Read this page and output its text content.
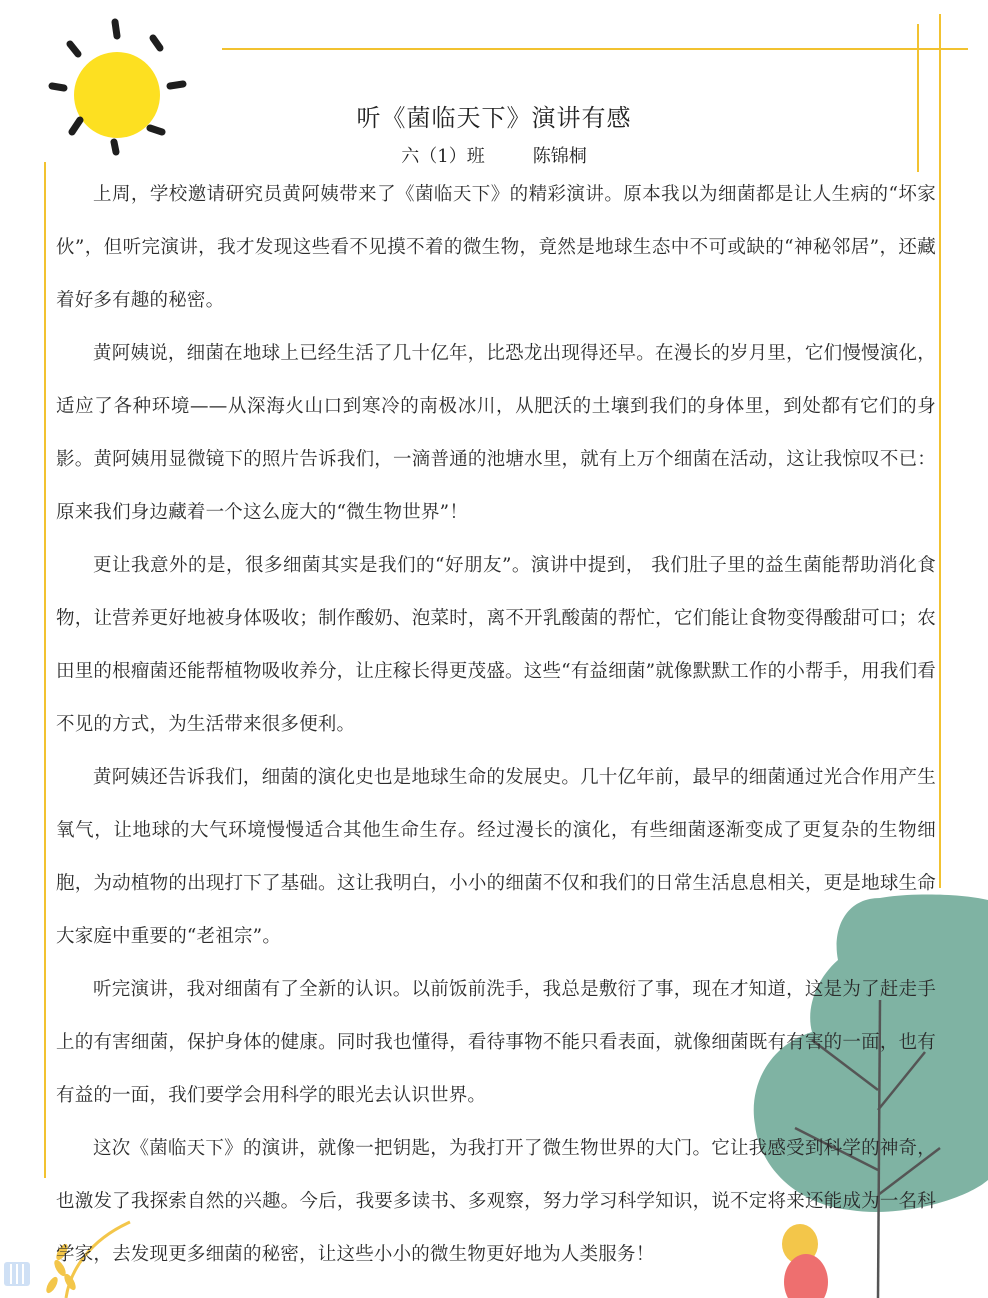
听《菌临天下》演讲有感
六（1）班	陈锦桐

上周，学校邀请研究员黄阿姨带来了《菌临天下》的精彩演讲。原本我以为细菌都是让人生病的“坏家伙”，但听完演讲，我才发现这些看不见摸不着的微生物，竟然是地球生态中不可或缺的“神秘邻居”，还藏着好多有趣的秘密。

黄阿姨说，细菌在地球上已经生活了几十亿年，比恐龙出现得还早。在漫长的岁月里，它们慢慢演化，适应了各种环境——从深海火山口到寒冷的南极冰川，从肥沃的土壤到我们的身体里，到处都有它们的身影。黄阿姨用显微镜下的照片告诉我们，一滴普通的池塘水里，就有上万个细菌在活动，这让我惊叹不已：原来我们身边藏着一个这么庞大的“微生物世界”！

更让我意外的是，很多细菌其实是我们的“好朋友”。演讲中提到， 我们肚子里的益生菌能帮助消化食物，让营养更好地被身体吸收；制作酸奶、泡菜时，离不开乳酸菌的帮忙，它们能让食物变得酸甜可口；农田里的根瘤菌还能帮植物吸收养分，让庄稼长得更茂盛。这些“有益细菌”就像默默工作的小帮手，用我们看不见的方式，为生活带来很多便利。

黄阿姨还告诉我们，细菌的演化史也是地球生命的发展史。几十亿年前，最早的细菌通过光合作用产生氧气，让地球的大气环境慢慢适合其他生命生存。经过漫长的演化，有些细菌逐渐变成了更复杂的生物细胞，为动植物的出现打下了基础。这让我明白，小小的细菌不仅和我们的日常生活息息相关，更是地球生命大家庭中重要的“老祖宗”。

听完演讲，我对细菌有了全新的认识。以前饭前洗手，我总是敷衍了事，现在才知道，这是为了赶走手上的有害细菌，保护身体的健康。同时我也懂得，看待事物不能只看表面，就像细菌既有有害的一面，也有有益的一面，我们要学会用科学的眼光去认识世界。

这次《菌临天下》的演讲，就像一把钥匙，为我打开了微生物世界的大门。它让我感受到科学的神奇，也激发了我探索自然的兴趣。今后，我要多读书、多观察，努力学习科学知识，说不定将来还能成为一名科学家，去发现更多细菌的秘密，让这些小小的微生物更好地为人类服务！
